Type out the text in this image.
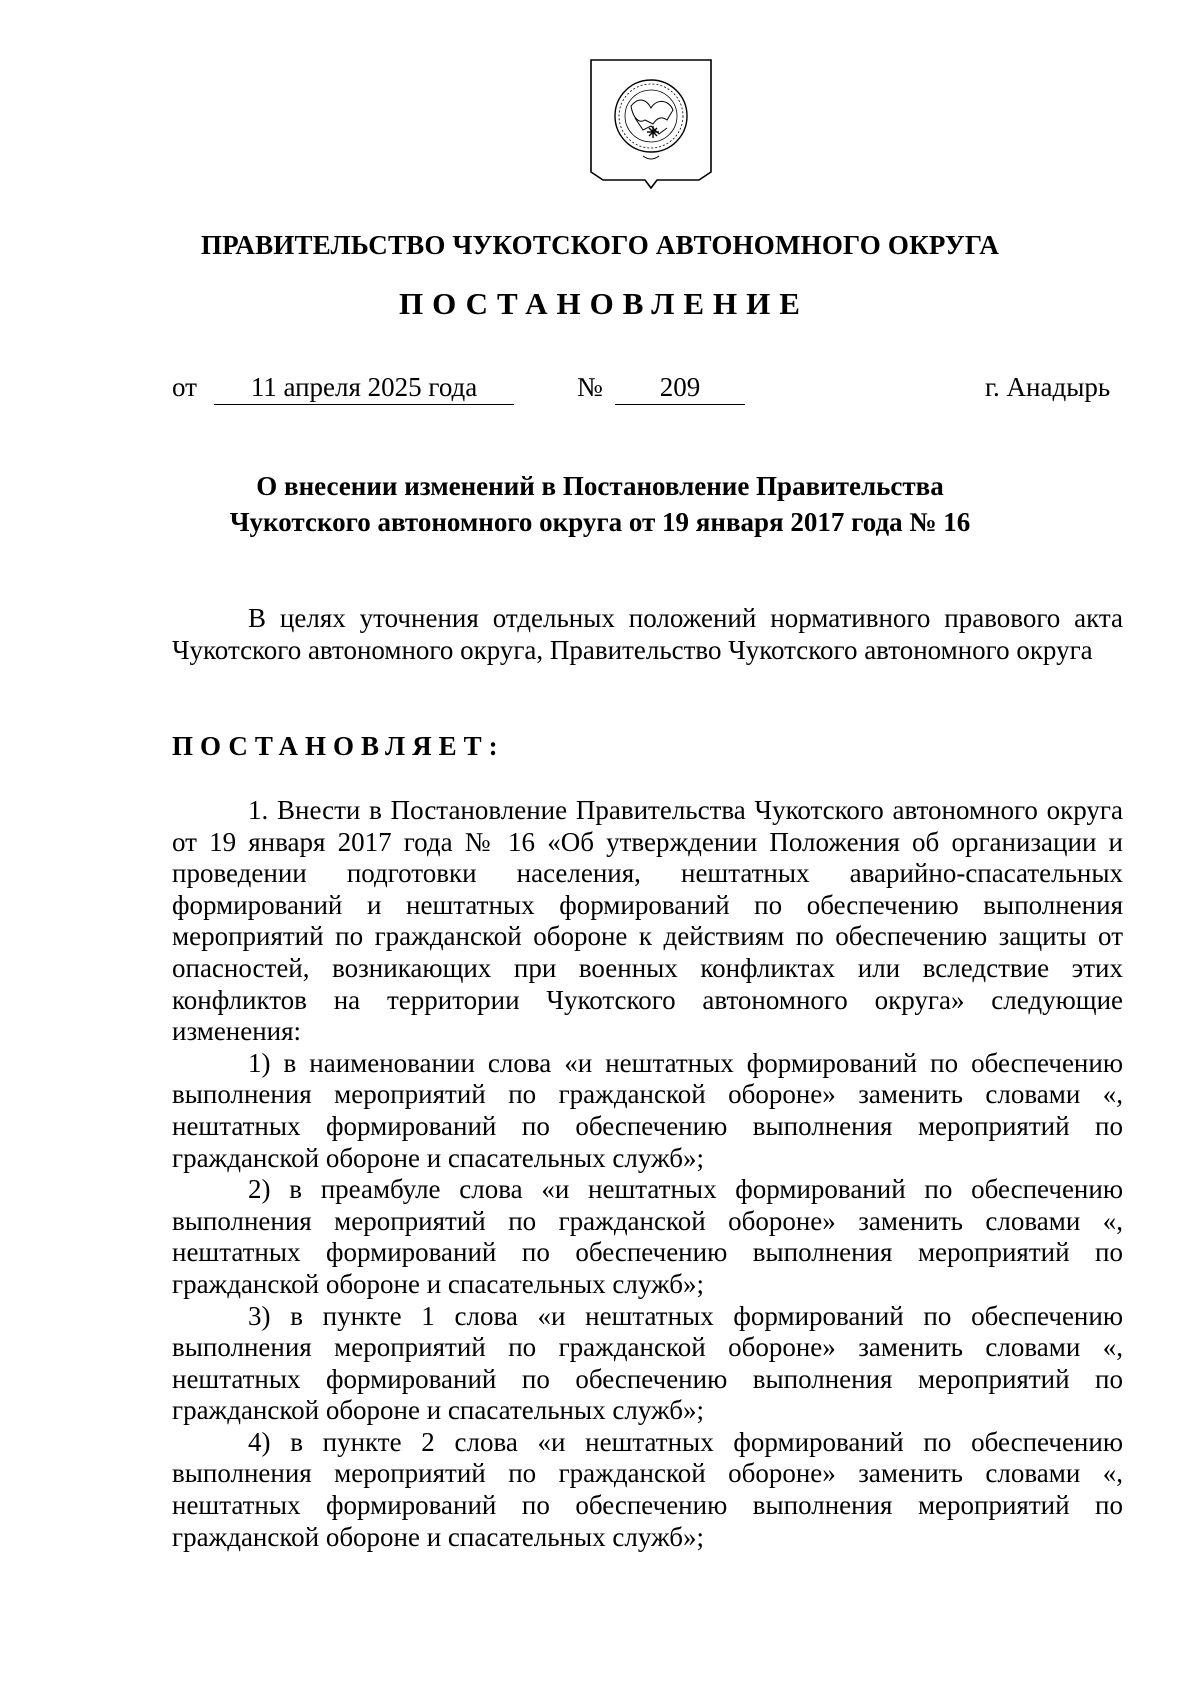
ПРАВИТЕЛЬСТВО ЧУКОТСКОГО АВТОНОМНОГО ОКРУГА
ПОСТАНОВЛЕНИЕ
от	11 апреля 2025 года	№	209	г. Анадырь
О внесении изменений в Постановление Правительства
Чукотского автономного округа от 19 января 2017 года № 16

В целях уточнения отдельных положений нормативного правового акта Чукотского автономного округа, Правительство Чукотского автономного округа

ПОСТАНОВЛЯЕТ:

1. Внести в Постановление Правительства Чукотского автономного округа от 19 января 2017 года № 16 «Об утверждении Положения об организации и проведении подготовки населения, нештатных аварийно-спасательных формирований и нештатных формирований по обеспечению выполнения мероприятий по гражданской обороне к действиям по обеспечению защиты от опасностей, возникающих при военных конфликтах или вследствие этих конфликтов на территории Чукотского автономного округа» следующие изменения:

1) в наименовании слова «и нештатных формирований по обеспечению выполнения мероприятий по гражданской обороне» заменить словами «, нештатных формирований по обеспечению выполнения мероприятий по гражданской обороне и спасательных служб»;

2) в преамбуле слова «и нештатных формирований по обеспечению выполнения мероприятий по гражданской обороне» заменить словами «, нештатных формирований по обеспечению выполнения мероприятий по гражданской обороне и спасательных служб»;

3) в пункте 1 слова «и нештатных формирований по обеспечению выполнения мероприятий по гражданской обороне» заменить словами «, нештатных формирований по обеспечению выполнения мероприятий по гражданской обороне и спасательных служб»;

4) в пункте 2 слова «и нештатных формирований по обеспечению выполнения мероприятий по гражданской обороне» заменить словами «, нештатных формирований по обеспечению выполнения мероприятий по гражданской обороне и спасательных служб»;
